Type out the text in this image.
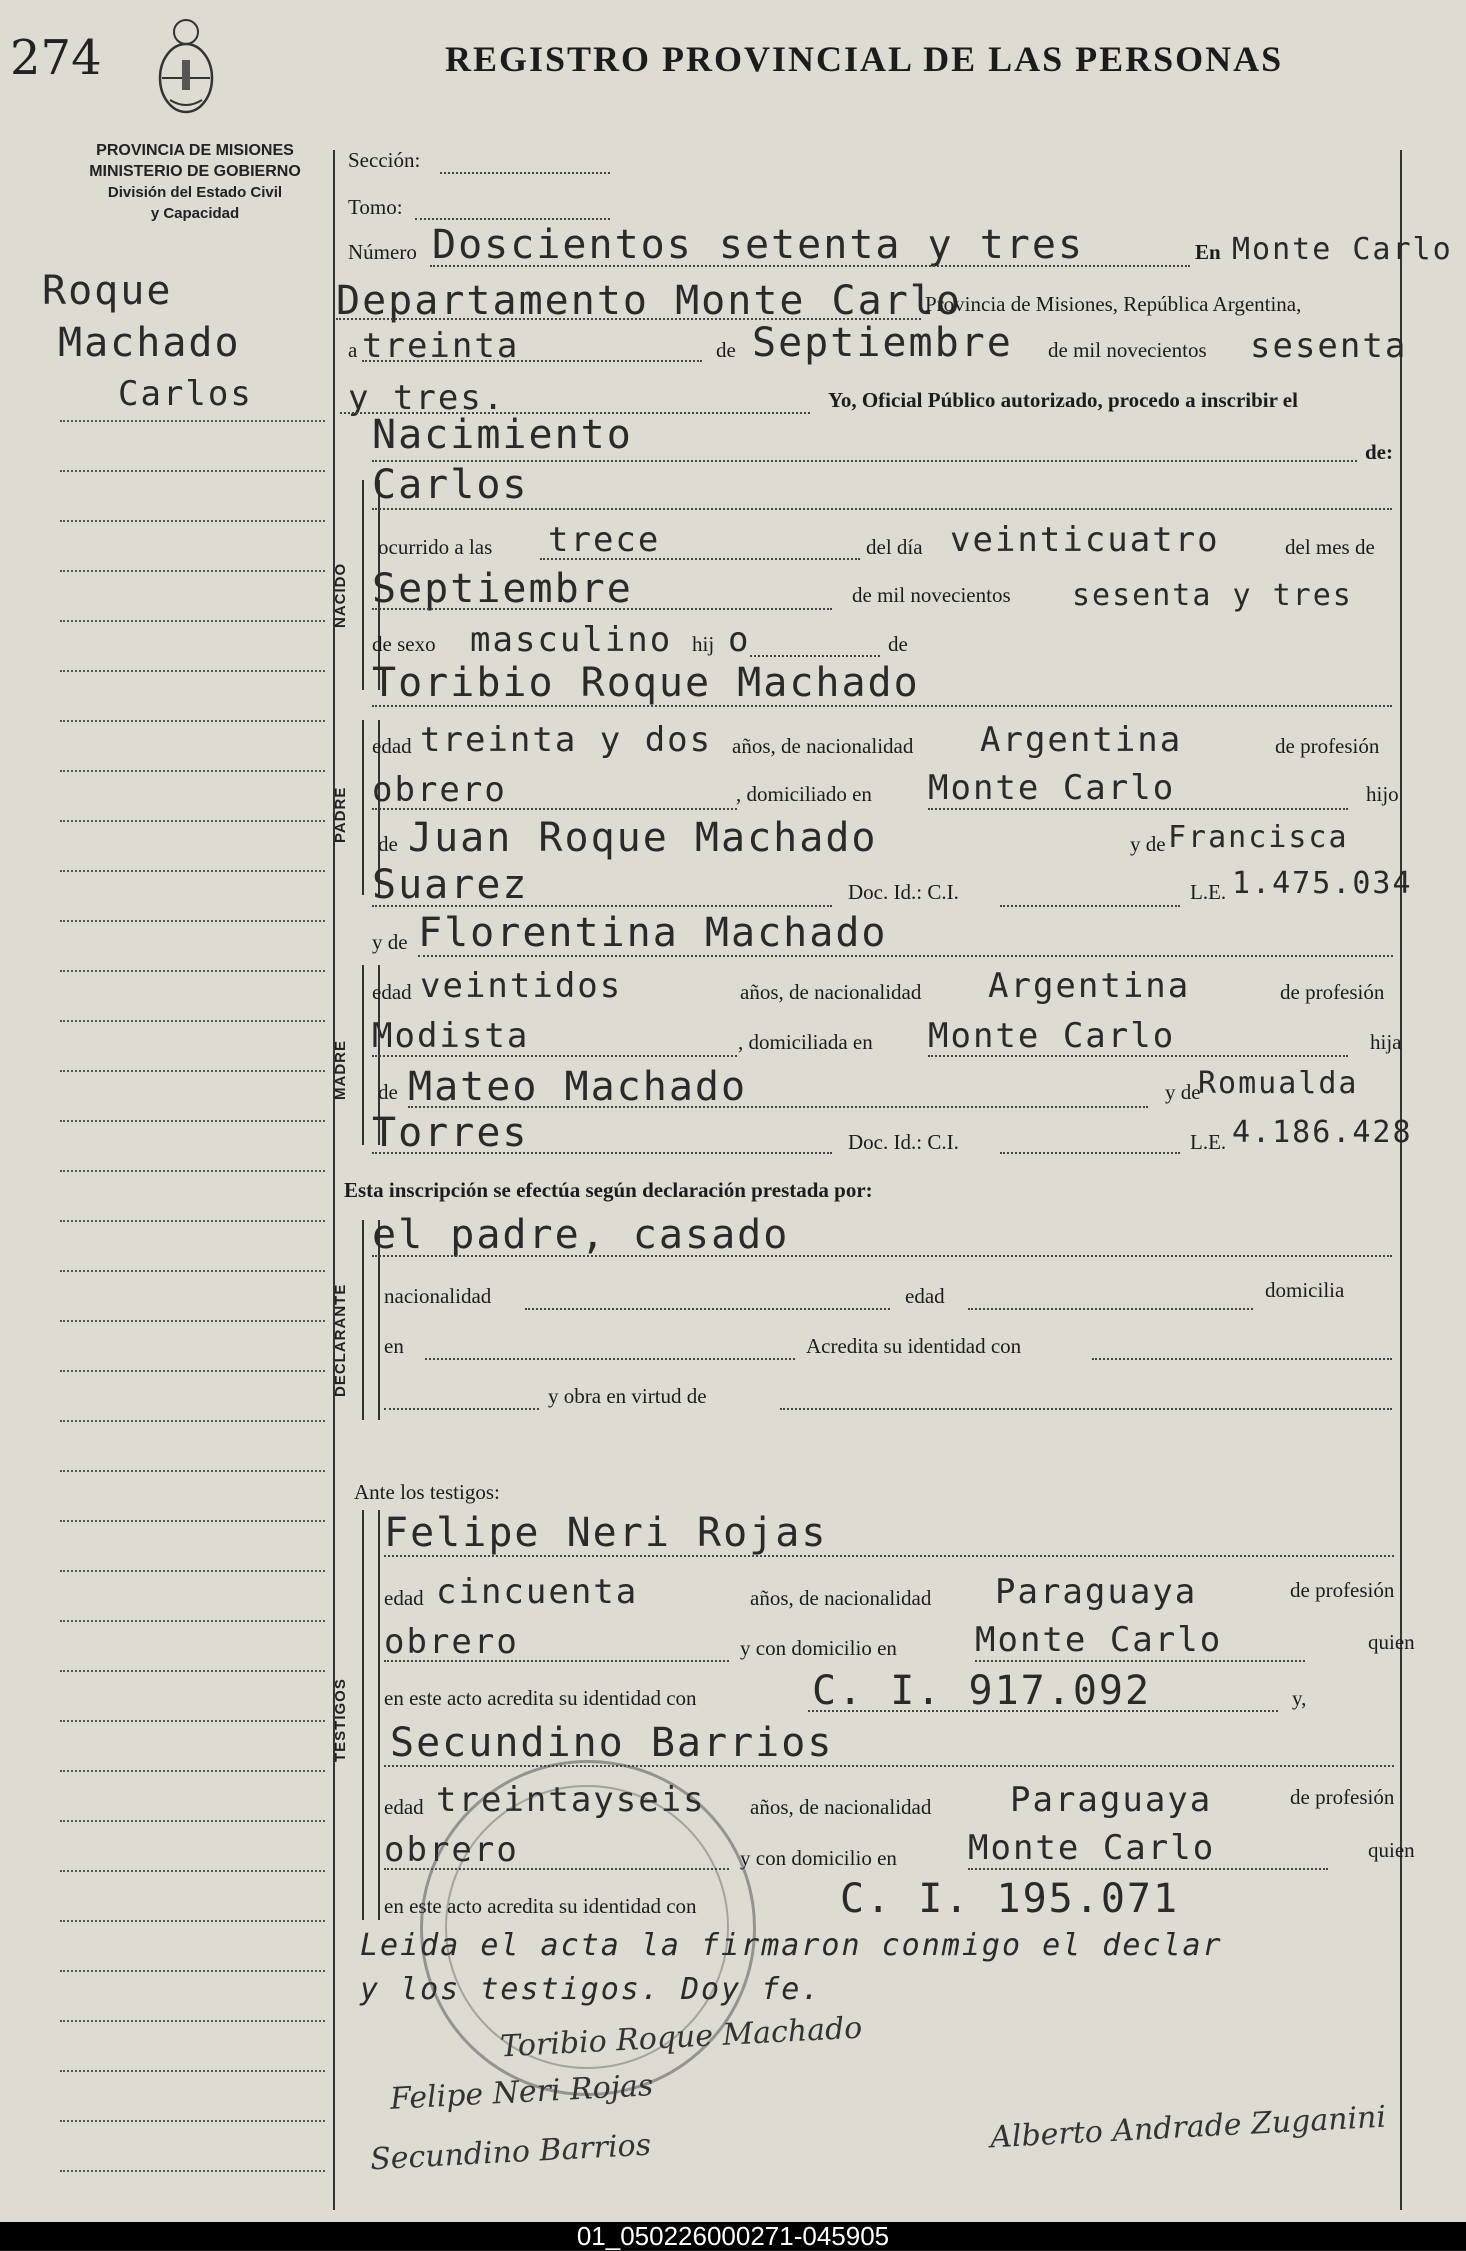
274	REGISTRO PROVINCIAL DE LAS PERSONAS
PROVINCIA DE MISIONES
MINISTERIO DE GOBIERNO
División del Estado Civil
y Capacidad
Roque
Machado
Carlos
NACIDO
PADRE
MADRE
DECLARANTE
TESTIGOS
Sección:
Tomo:
Número Doscientos setenta y tres	En Monte Carlo
Departamento Monte Carlo
Provincia de Misiones, República Argentina,
a treinta	de Septiembre de mil novecientos sesenta
y tres.	Yo, Oficial Público autorizado, procedo a inscribir el
Nacimiento	de:
Carlos
ocurrido a las trece	del día veinticuatro	del mes de
Septiembre	de mil novecientos sesenta y tres
de sexo masculino hij o	de
Toribio Roque Machado
edad treinta y dos años, de nacionalidad Argentina	de profesión
obrero	, domiciliado en Monte Carlo	hijo
de Juan Roque Machado	y de Francisca
Suarez	Doc. Id.: C.I.	L.E. 1.475.034
y de Florentina Machado
edad veintidos	años, de nacionalidad Argentina	de profesión
Modista	, domiciliada en Monte Carlo	hija
de Mateo Machado	y de
Romualda
Torres	Doc. Id.: C.I.	L.E. 4.186.428
Esta inscripción se efectúa según declaración prestada por:
el padre, casado
nacionalidad	edad	domicilia
en	Acredita su identidad con
y obra en virtud de
Ante los testigos:
Felipe Neri Rojas
edad cincuenta	años, de nacionalidad Paraguaya	de profesión
obrero	y con domicilio en Monte Carlo	quien
en este acto acredita su identidad con	C. I. 917.092	y,
Secundino Barrios
edad treintayseis años, de nacionalidad Paraguaya	de profesión
obrero	y con domicilio en Monte Carlo	quien
en este acto acredita su identidad con	C. I. 195.071
Leida el acta la firmaron conmigo el declar
y los testigos. Doy fe.
Toribio Roque Machado
Felipe Neri Rojas
Secundino Barrios	Alberto Andrade Zuganini
01_050226000271-045905
